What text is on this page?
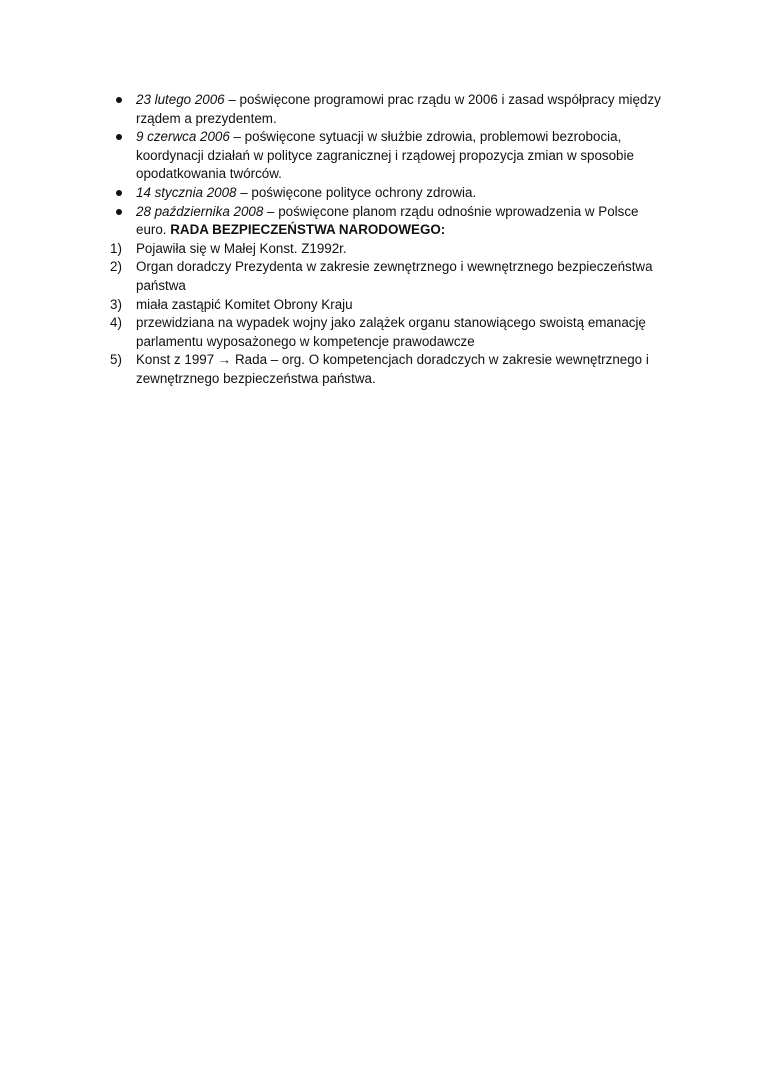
23 lutego 2006 – poświęcone programowi prac rządu w 2006 i zasad współpracy między rządem a prezydentem.
9 czerwca 2006 – poświęcone sytuacji w służbie zdrowia, problemowi bezrobocia, koordynacji działań w polityce zagranicznej i rządowej propozycja zmian w sposobie opodatkowania twórców.
14 stycznia 2008 – poświęcone polityce ochrony zdrowia.
28 października 2008 – poświęcone planom rządu odnośnie wprowadzenia w Polsce euro. RADA BEZPIECZEŃSTWA NARODOWEGO:
1)	Pojawiła się w Małej Konst. Z1992r.
2)	Organ doradczy Prezydenta w zakresie zewnętrznego i wewnętrznego bezpieczeństwa państwa
3)	miała zastąpić Komitet Obrony Kraju
4)	przewidziana na wypadek wojny jako zalążek organu stanowiącego swoistą emanację parlamentu wyposażonego w kompetencje prawodawcze
5)	Konst z 1997 → Rada – org. O kompetencjach doradczych w zakresie wewnętrznego i zewnętrznego bezpieczeństwa państwa.
